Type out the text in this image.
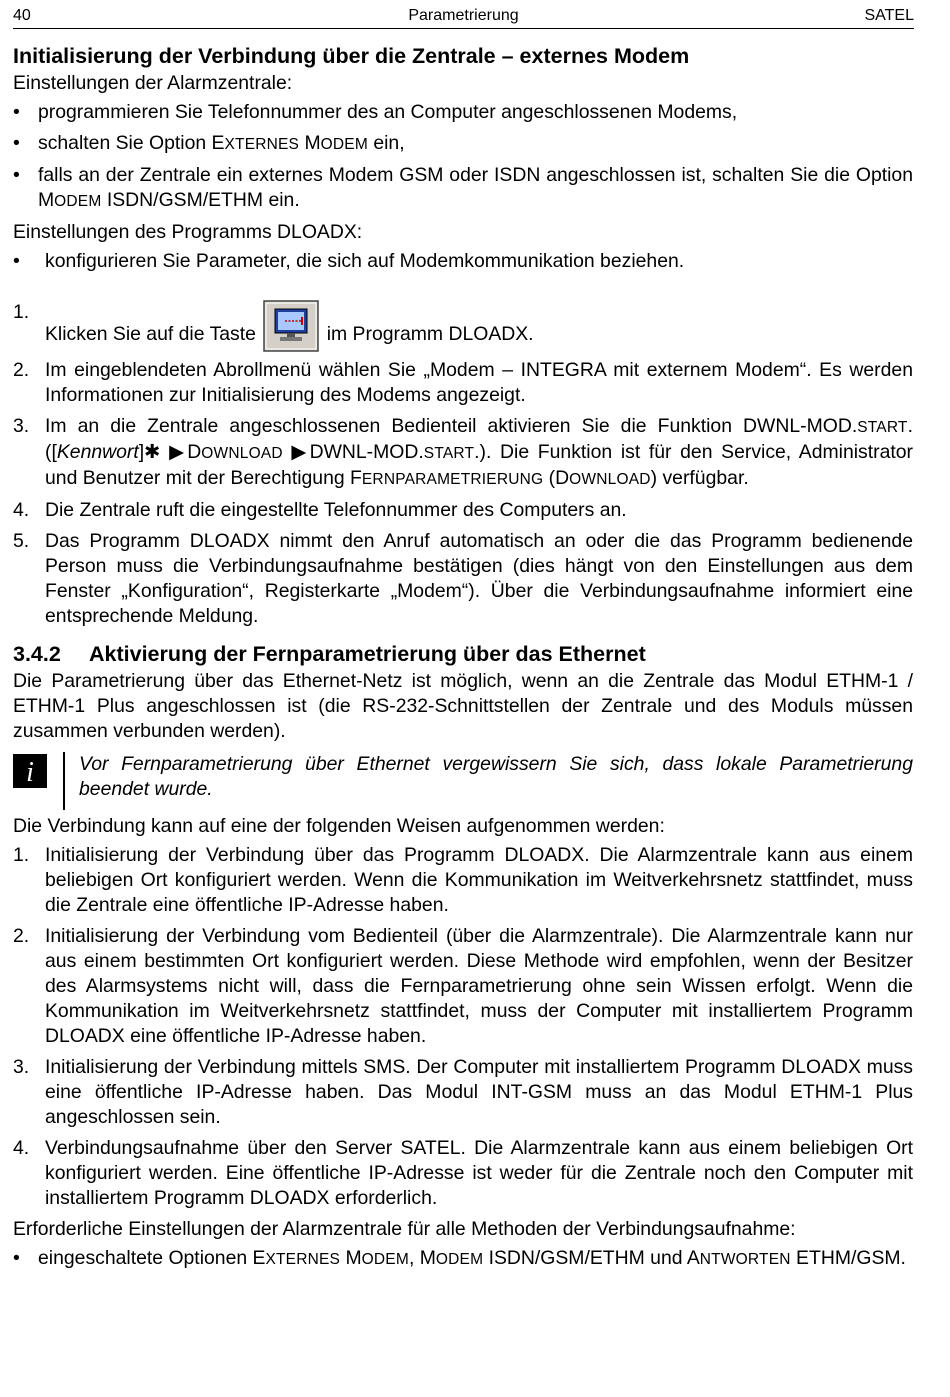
40	Parametrierung	SATEL

Initialisierung der Verbindung über die Zentrale – externes Modem

Einstellungen der Alarmzentrale:

• programmieren Sie Telefonnummer des an Computer angeschlossenen Modems,
• schalten Sie Option EXTERNES MODEM ein,
• falls an der Zentrale ein externes Modem GSM oder ISDN angeschlossen ist, schalten Sie die Option MODEM ISDN/GSM/ETHM ein.

Einstellungen des Programms DLOADX:

• konfigurieren Sie Parameter, die sich auf Modemkommunikation beziehen.
1.
Klicken Sie auf die Taste	im Programm DLOADX.
2. Im eingeblendeten Abrollmenü wählen Sie „Modem – INTEGRA mit externem Modem“. Es werden Informationen zur Initialisierung des Modems angezeigt.
3. Im an die Zentrale angeschlossenen Bedienteil aktivieren Sie die Funktion DWNL-MOD.START. ([Kennwort]✱ ▶DOWNLOAD ▶DWNL-MOD.START.). Die Funktion ist für den Service, Administrator und Benutzer mit der Berechtigung FERNPARAMETRIERUNG (DOWNLOAD) verfügbar.
4. Die Zentrale ruft die eingestellte Telefonnummer des Computers an.
5. Das Programm DLOADX nimmt den Anruf automatisch an oder die das Programm bedienende Person muss die Verbindungsaufnahme bestätigen (dies hängt von den Einstellungen aus dem Fenster „Konfiguration“, Registerkarte „Modem“). Über die Verbindungsaufnahme informiert eine entsprechende Meldung.

3.4.2 Aktivierung der Fernparametrierung über das Ethernet

Die Parametrierung über das Ethernet-Netz ist möglich, wenn an die Zentrale das Modul ETHM-1 / ETHM-1 Plus angeschlossen ist (die RS-232-Schnittstellen der Zentrale und des Moduls müssen zusammen verbunden werden).

i Vor Fernparametrierung über Ethernet vergewissern Sie sich, dass lokale Parametrierung beendet wurde.

Die Verbindung kann auf eine der folgenden Weisen aufgenommen werden:

1. Initialisierung der Verbindung über das Programm DLOADX. Die Alarmzentrale kann aus einem beliebigen Ort konfiguriert werden. Wenn die Kommunikation im Weitverkehrsnetz stattfindet, muss die Zentrale eine öffentliche IP-Adresse haben.
2. Initialisierung der Verbindung vom Bedienteil (über die Alarmzentrale). Die Alarmzentrale kann nur aus einem bestimmten Ort konfiguriert werden. Diese Methode wird empfohlen, wenn der Besitzer des Alarmsystems nicht will, dass die Fernparametrierung ohne sein Wissen erfolgt. Wenn die Kommunikation im Weitverkehrsnetz stattfindet, muss der Computer mit installiertem Programm DLOADX eine öffentliche IP-Adresse haben.
3. Initialisierung der Verbindung mittels SMS. Der Computer mit installiertem Programm DLOADX muss eine öffentliche IP-Adresse haben. Das Modul INT-GSM muss an das Modul ETHM-1 Plus angeschlossen sein.
4. Verbindungsaufnahme über den Server SATEL. Die Alarmzentrale kann aus einem beliebigen Ort konfiguriert werden. Eine öffentliche IP-Adresse ist weder für die Zentrale noch den Computer mit installiertem Programm DLOADX erforderlich.

Erforderliche Einstellungen der Alarmzentrale für alle Methoden der Verbindungsaufnahme:

• eingeschaltete Optionen EXTERNES MODEM, MODEM ISDN/GSM/ETHM und ANTWORTEN ETHM/GSM.
